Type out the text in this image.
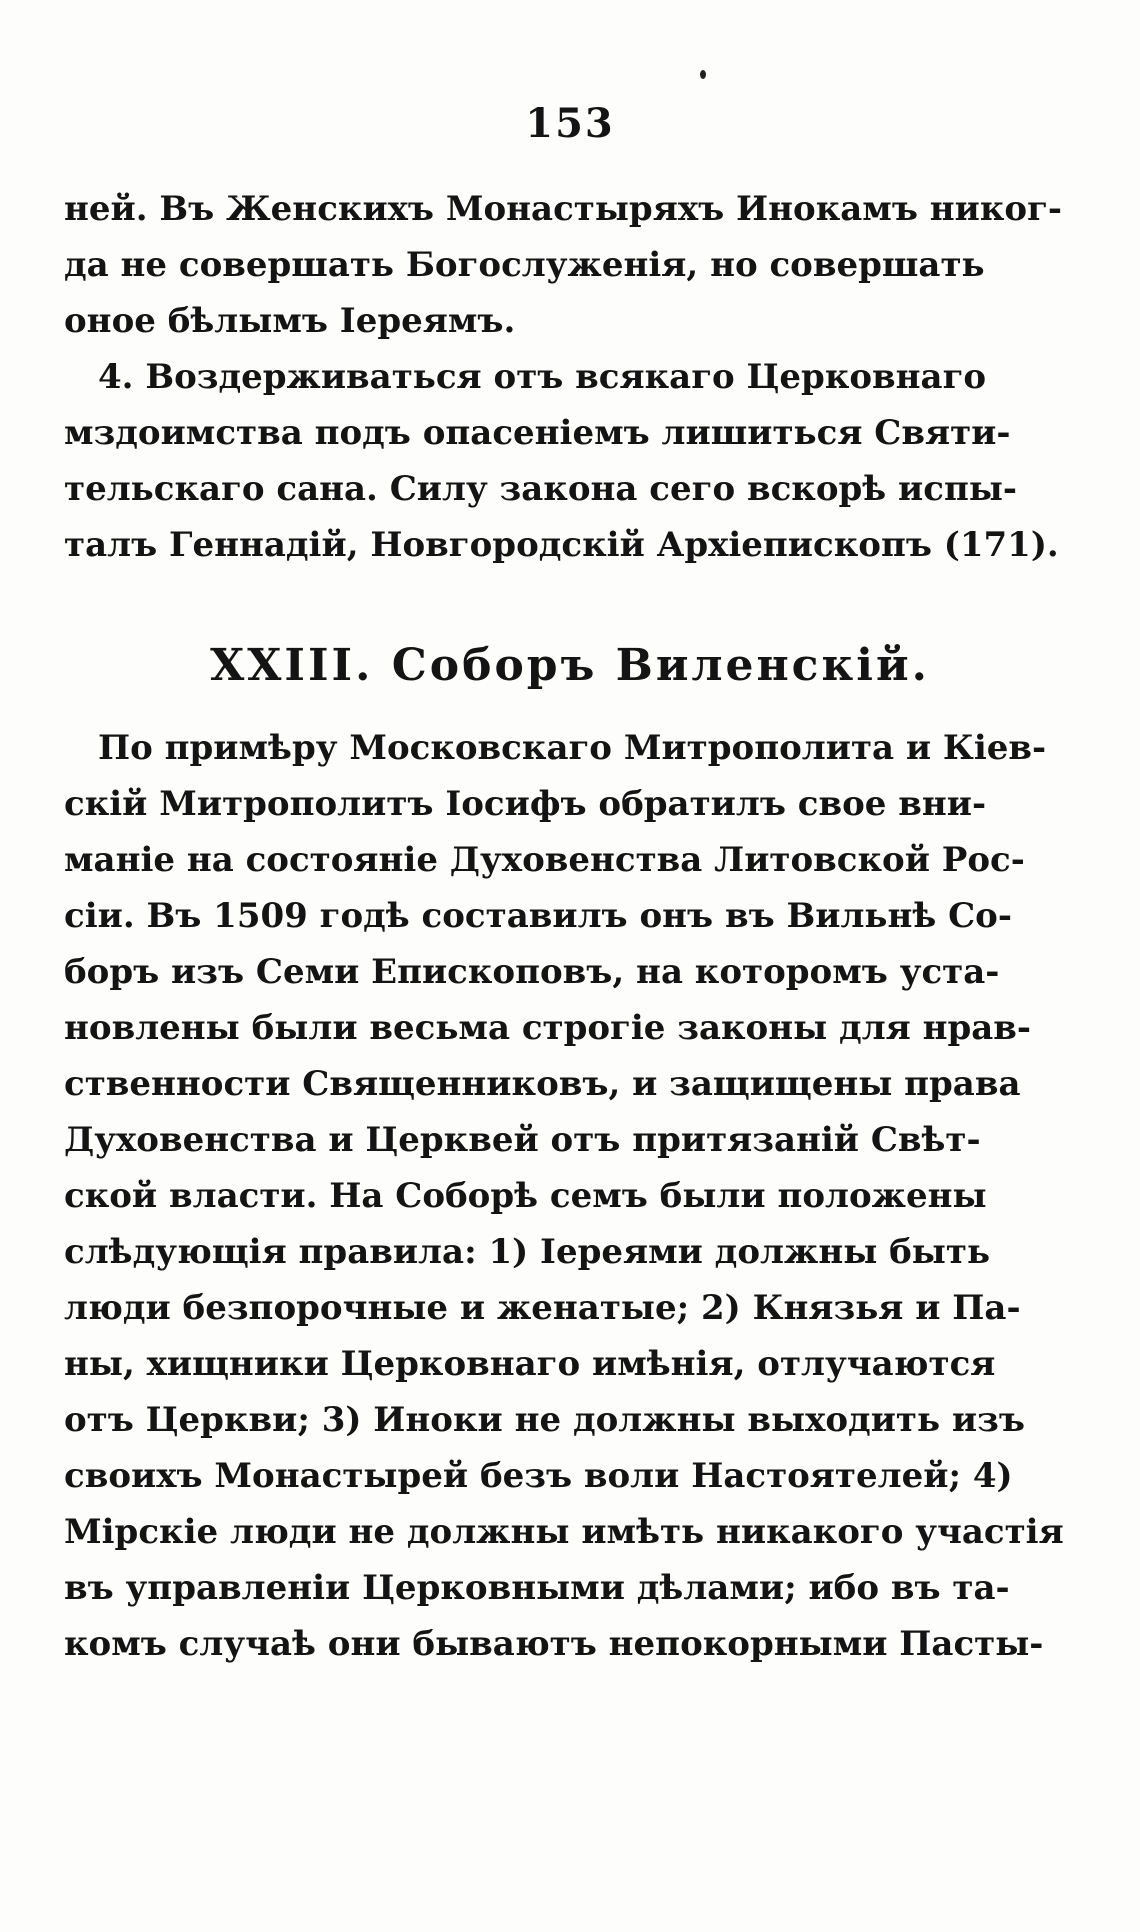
153
ней. Въ Женскихъ Монастыряхъ Инокамъ никог-
да не совершать Богослуженія, но совершать
оное бѣлымъ Іереямъ.
4. Воздерживаться отъ всякаго Церковнаго
мздоимства подъ опасеніемъ лишиться Святи-
тельскаго сана. Силу закона сего вскорѣ испы-
талъ Геннадій, Новгородскій Архіепископъ (171).
XXIII. Соборъ Виленскій.
По примѣру Московскаго Митрополита и Кіев-
скій Митрополитъ Іосифъ обратилъ свое вни-
маніе на состояніе Духовенства Литовской Рос-
сіи. Въ 1509 годѣ составилъ онъ въ Вильнѣ Со-
боръ изъ Семи Епископовъ, на которомъ уста-
новлены были весьма строгіе законы для нрав-
ственности Священниковъ, и защищены права
Духовенства и Церквей отъ притязаній Свѣт-
ской власти. На Соборѣ семъ были положены
слѣдующія правила: 1) Іереями должны быть
люди безпорочные и женатые; 2) Князья и Па-
ны, хищники Церковнаго имѣнія, отлучаются
отъ Церкви; 3) Иноки не должны выходить изъ
своихъ Монастырей безъ воли Настоятелей; 4)
Мірскіе люди не должны имѣть никакого участія
въ управленіи Церковными дѣлами; ибо въ та-
комъ случаѣ они бываютъ непокорными Пасты-
